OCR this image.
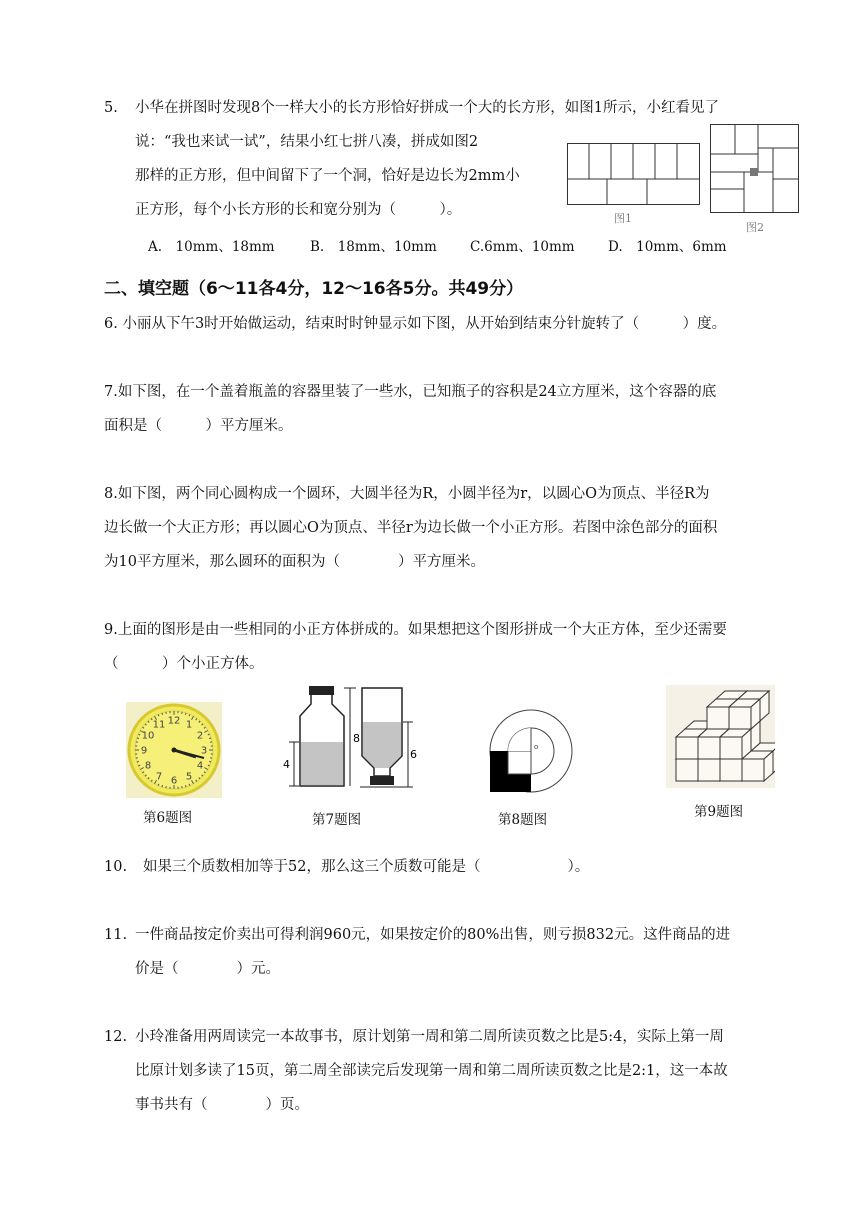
5. 小华在拼图时发现8个一样大小的长方形恰好拼成一个大的长方形，如图1所示，小红看见了
说：“我也来试一试”，结果小红七拼八凑，拼成如图2
那样的正方形，但中间留下了一个洞，恰好是边长为2mm小
正方形，每个小长方形的长和宽分别为（　　　）。
A.　10mm、18mm	B.　18mm、10mm C.6mm、10mm D.　10mm、6mm
图1
图2
二、填空题（6～11各4分，12～16各5分。共49分）
6. 小丽从下午3时开始做运动，结束时时钟显示如下图，从开始到结束分针旋转了（　　　）度。
7.如下图，在一个盖着瓶盖的容器里装了一些水，已知瓶子的容积是24立方厘米，这个容器的底
面积是（　　　）平方厘米。
8.如下图，两个同心圆构成一个圆环，大圆半径为R，小圆半径为r，以圆心O为顶点、半径R为
边长做一个大正方形；再以圆心O为顶点、半径r为边长做一个小正方形。若图中涂色部分的面积
为10平方厘米，那么圆环的面积为（　　　　）平方厘米。
9.上面的图形是由一些相同的小正方体拼成的。如果想把这个图形拼成一个大正方体，至少还需要
（　　　）个小正方体。
12 1
2
3
4
5
6
7
8
9
10
11
第6题图
4
8
6
第7题图
o
第8题图	第9题图
10. 如果三个质数相加等于52，那么这三个质数可能是（　　　　　　）。
11. 一件商品按定价卖出可得利润960元，如果按定价的80%出售，则亏损832元。这件商品的进
价是（　　　　）元。
12. 小玲准备用两周读完一本故事书，原计划第一周和第二周所读页数之比是5:4，实际上第一周
比原计划多读了15页，第二周全部读完后发现第一周和第二周所读页数之比是2:1，这一本故
事书共有（　　　　）页。
